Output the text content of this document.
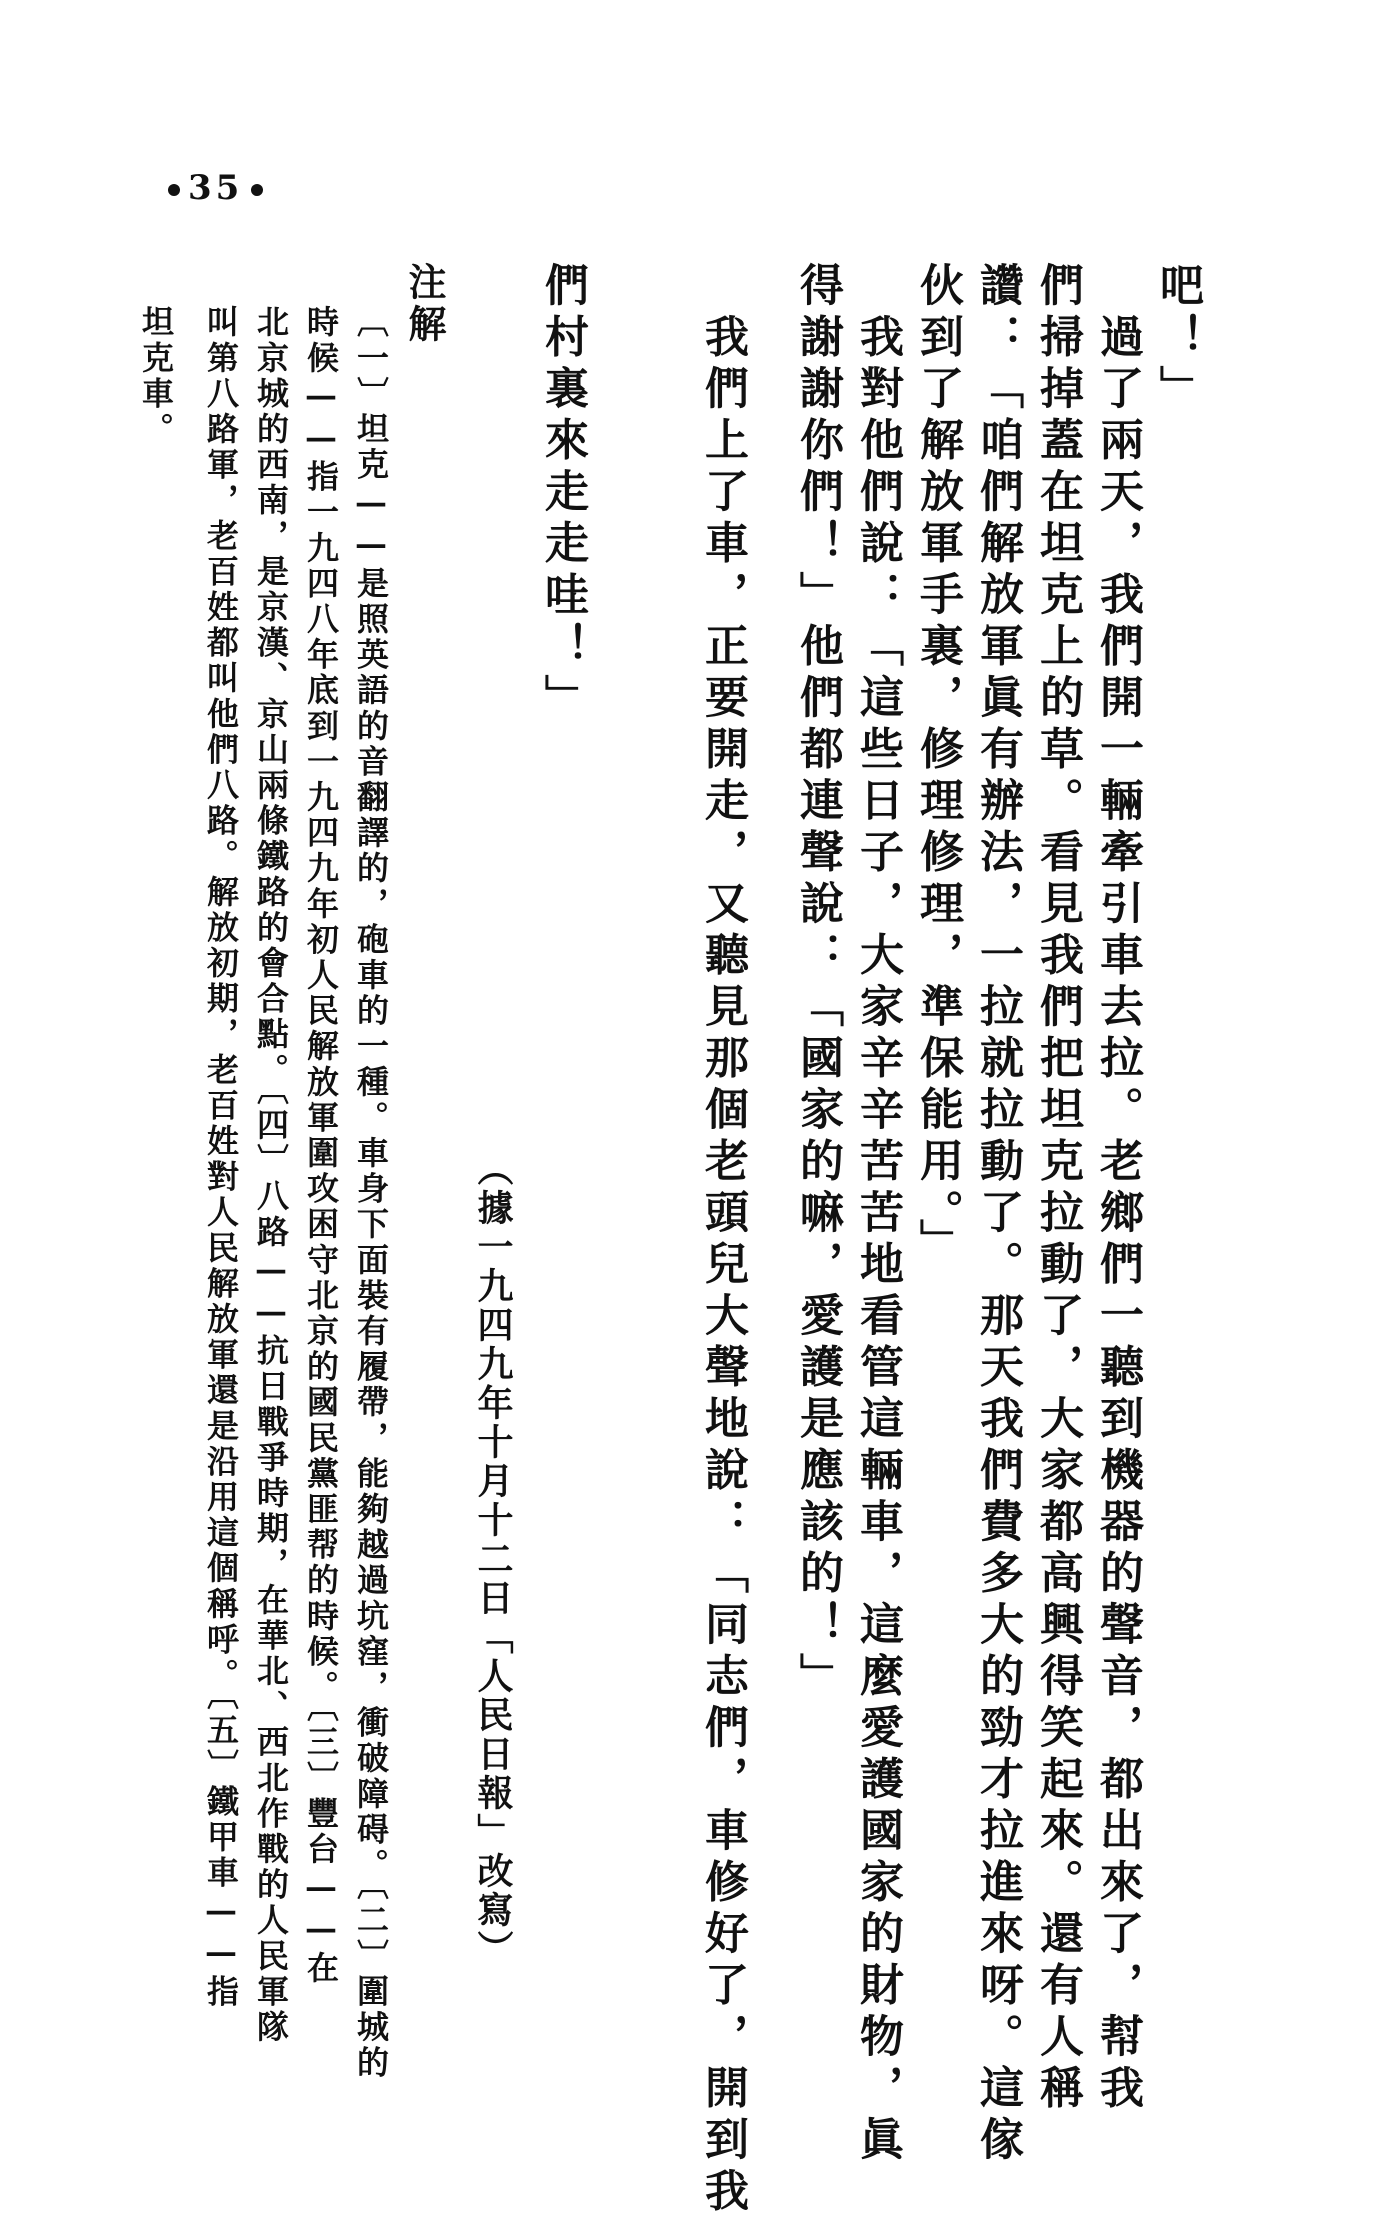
35
吧！」
　過了兩天，我們開一輛牽引車去拉。老鄉們一聽到機器的聲音，都出來了，幇我
們掃掉蓋在坦克上的草。看見我們把坦克拉動了，大家都高興得笑起來。還有人稱
讚：「咱們解放軍眞有辦法，一拉就拉動了。那天我們費多大的勁才拉進來呀。這傢
伙到了解放軍手裏，修理修理，準保能用。」
　我對他們說：「這些日子，大家辛辛苦苦地看管這輛車，這麼愛護國家的財物，眞
得謝謝你們！」他們都連聲說：「國家的嘛，愛護是應該的！」
　我們上了車，正要開走，又聽見那個老頭兒大聲地說：「同志們，車修好了，開到我
們村裏來走走哇！」
（據一九四九年十月十二日「人民日報」改寫）
注解
〔一〕坦克——是照英語的音翻譯的，砲車的一種。車身下面裝有履帶，能夠越過坑窪，衝破障碍。〔二〕圍城的
時候——指一九四八年底到一九四九年初人民解放軍圍攻困守北京的國民黨匪帮的時候。〔三〕豐台——在
北京城的西南，是京漢、京山兩條鐵路的會合點。〔四〕八路——抗日戰爭時期，在華北、西北作戰的人民軍隊
叫第八路軍，老百姓都叫他們八路。解放初期，老百姓對人民解放軍還是沿用這個稱呼。〔五〕鐵甲車——指
坦克車。
